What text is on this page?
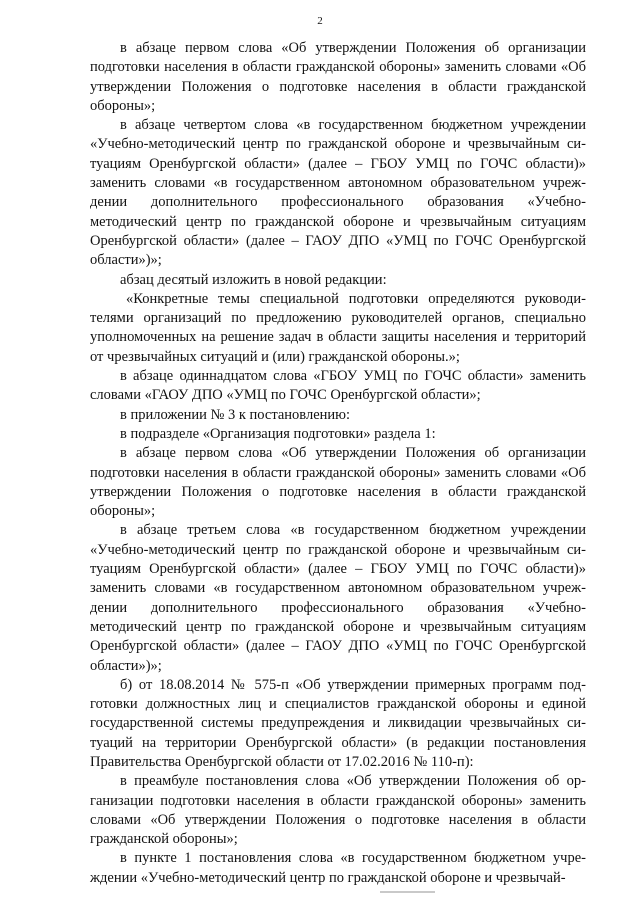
2

в абзаце первом слова «Об утверждении Положения об организации подготовки населения в области гражданской обороны» заменить словами «Об утверждении Положения о подготовке населения в области гражданской обороны»;

в абзаце четвертом слова «в государственном бюджетном учреждении «Учебно-методический центр по гражданской обороне и чрезвычайным ситуациям Оренбургской области» (далее – ГБОУ УМЦ по ГОЧС области)» заменить словами «в государственном автономном образовательном учреждении дополнительного профессионального образования «Учебно-методический центр по гражданской обороне и чрезвычайным ситуациям Оренбургской области» (далее – ГАОУ ДПО «УМЦ по ГОЧС Оренбургской области»)»;

абзац десятый изложить в новой редакции:

«Конкретные темы специальной подготовки определяются руководителями организаций по предложению руководителей органов, специально уполномоченных на решение задач в области защиты населения и территорий от чрезвычайных ситуаций и (или) гражданской обороны.»;

в абзаце одиннадцатом слова «ГБОУ УМЦ по ГОЧС области» заменить словами «ГАОУ ДПО «УМЦ по ГОЧС Оренбургской области»;

в приложении № 3 к постановлению:

в подразделе «Организация подготовки» раздела 1:

в абзаце первом слова «Об утверждении Положения об организации подготовки населения в области гражданской обороны» заменить словами «Об утверждении Положения о подготовке населения в области гражданской обороны»;

в абзаце третьем слова «в государственном бюджетном учреждении «Учебно-методический центр по гражданской обороне и чрезвычайным ситуациям Оренбургской области» (далее – ГБОУ УМЦ по ГОЧС области)» заменить словами «в государственном автономном образовательном учреждении дополнительного профессионального образования «Учебно-методический центр по гражданской обороне и чрезвычайным ситуациям Оренбургской области» (далее – ГАОУ ДПО «УМЦ по ГОЧС Оренбургской области»)»;

б) от 18.08.2014 № 575-п «Об утверждении примерных программ подготовки должностных лиц и специалистов гражданской обороны и единой государственной системы предупреждения и ликвидации чрезвычайных ситуаций на территории Оренбургской области» (в редакции постановления Правительства Оренбургской области от 17.02.2016 № 110-п):

в преамбуле постановления слова «Об утверждении Положения об организации подготовки населения в области гражданской обороны» заменить словами «Об утверждении Положения о подготовке населения в области гражданской обороны»;

в пункте 1 постановления слова «в государственном бюджетном учреждении «Учебно-методический центр по гражданской обороне и чрезвычай-
